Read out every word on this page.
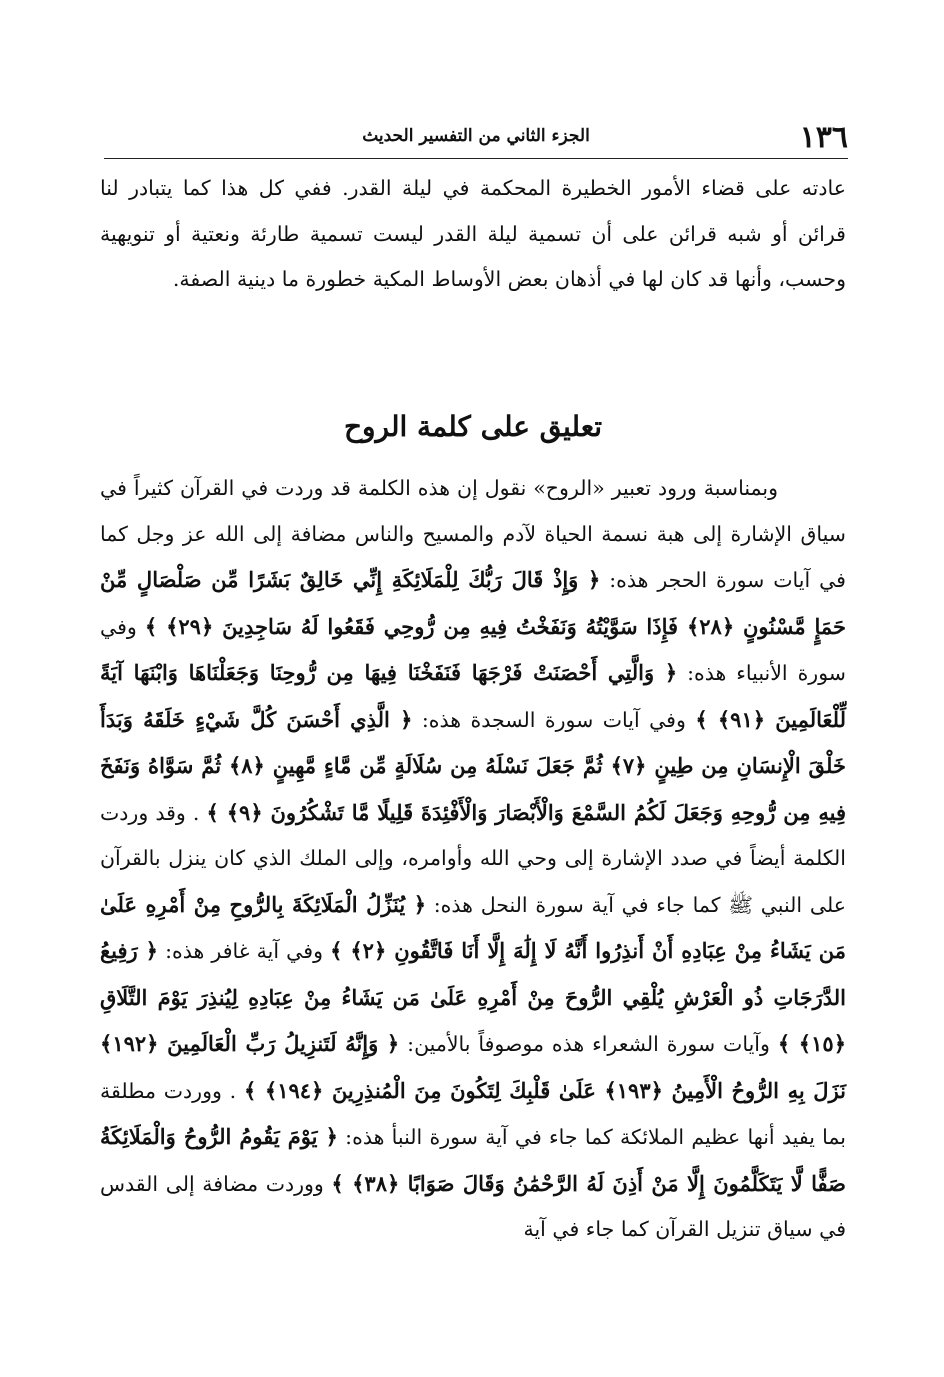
١٣٦
الجزء الثاني من التفسير الحديث

عادته على قضاء الأمور الخطيرة المحكمة في ليلة القدر. ففي كل هذا كما يتبادر لنا قرائن أو شبه قرائن على أن تسمية ليلة القدر ليست تسمية طارئة ونعتية أو تنويهية وحسب، وأنها قد كان لها في أذهان بعض الأوساط المكية خطورة ما دينية الصفة.

تعليق على كلمة الروح

وبمناسبة ورود تعبير «الروح» نقول إن هذه الكلمة قد وردت في القرآن كثيراً في سياق الإشارة إلى هبة نسمة الحياة لآدم والمسيح والناس مضافة إلى الله عز وجل كما في آيات سورة الحجر هذه: ﴿ وَإِذْ قَالَ رَبُّكَ لِلْمَلَائِكَةِ إِنِّي خَالِقٌ بَشَرًا مِّن صَلْصَالٍ مِّنْ حَمَإٍ مَّسْنُونٍ ﴿٢٨﴾ فَإِذَا سَوَّيْتُهُ وَنَفَخْتُ فِيهِ مِن رُّوحِي فَقَعُوا لَهُ سَاجِدِينَ ﴿٢٩﴾ ﴾ وفي سورة الأنبياء هذه: ﴿ وَالَّتِي أَحْصَنَتْ فَرْجَهَا فَنَفَخْنَا فِيهَا مِن رُّوحِنَا وَجَعَلْنَاهَا وَابْنَهَا آيَةً لِّلْعَالَمِينَ ﴿٩١﴾ ﴾ وفي آيات سورة السجدة هذه: ﴿ الَّذِي أَحْسَنَ كُلَّ شَيْءٍ خَلَقَهُ وَبَدَأَ خَلْقَ الْإِنسَانِ مِن طِينٍ ﴿٧﴾ ثُمَّ جَعَلَ نَسْلَهُ مِن سُلَالَةٍ مِّن مَّاءٍ مَّهِينٍ ﴿٨﴾ ثُمَّ سَوَّاهُ وَنَفَخَ فِيهِ مِن رُّوحِهِ وَجَعَلَ لَكُمُ السَّمْعَ وَالْأَبْصَارَ وَالْأَفْئِدَةَ قَلِيلًا مَّا تَشْكُرُونَ ﴿٩﴾ ﴾ . وقد وردت الكلمة أيضاً في صدد الإشارة إلى وحي الله وأوامره، وإلى الملك الذي كان ينزل بالقرآن على النبي ﷺ كما جاء في آية سورة النحل هذه: ﴿ يُنَزِّلُ الْمَلَائِكَةَ بِالرُّوحِ مِنْ أَمْرِهِ عَلَىٰ مَن يَشَاءُ مِنْ عِبَادِهِ أَنْ أَنذِرُوا أَنَّهُ لَا إِلَٰهَ إِلَّا أَنَا فَاتَّقُونِ ﴿٢﴾ ﴾ وفي آية غافر هذه: ﴿ رَفِيعُ الدَّرَجَاتِ ذُو الْعَرْشِ يُلْقِي الرُّوحَ مِنْ أَمْرِهِ عَلَىٰ مَن يَشَاءُ مِنْ عِبَادِهِ لِيُنذِرَ يَوْمَ التَّلَاقِ ﴿١٥﴾ ﴾ وآيات سورة الشعراء هذه موصوفاً بالأمين: ﴿ وَإِنَّهُ لَتَنزِيلُ رَبِّ الْعَالَمِينَ ﴿١٩٢﴾ نَزَلَ بِهِ الرُّوحُ الْأَمِينُ ﴿١٩٣﴾ عَلَىٰ قَلْبِكَ لِتَكُونَ مِنَ الْمُنذِرِينَ ﴿١٩٤﴾ ﴾ . ووردت مطلقة بما يفيد أنها عظيم الملائكة كما جاء في آية سورة النبأ هذه: ﴿ يَوْمَ يَقُومُ الرُّوحُ وَالْمَلَائِكَةُ صَفًّا لَّا يَتَكَلَّمُونَ إِلَّا مَنْ أَذِنَ لَهُ الرَّحْمَٰنُ وَقَالَ صَوَابًا ﴿٣٨﴾ ﴾ ووردت مضافة إلى القدس في سياق تنزيل القرآن كما جاء في آية
